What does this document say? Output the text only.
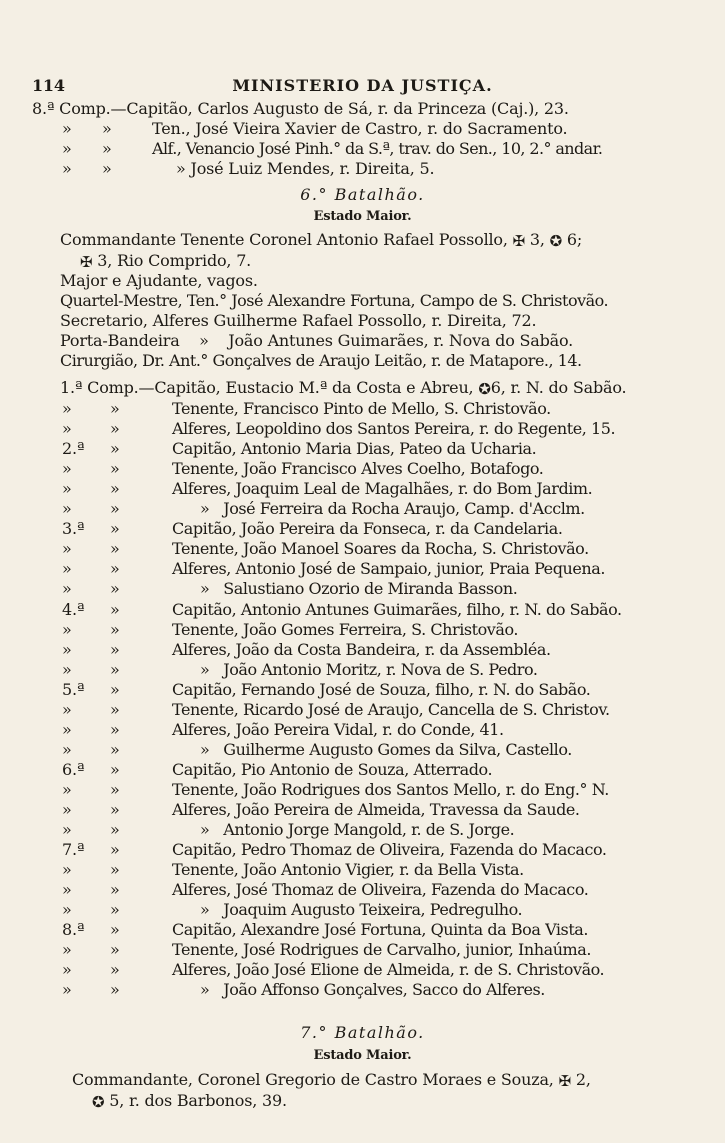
114	MINISTERIO DA JUSTIÇA.
8.ª Comp.—Capitão, Carlos Augusto de Sá, r. da Princeza (Caj.), 23.
» »	Ten., José Vieira Xavier de Castro, r. do Sacramento.
» »	Alf., Venancio José Pinh.° da S.ª, trav. do Sen., 10, 2.° andar.
» »	» José Luiz Mendes, r. Direita, 5.
6.° Batalhão.
Estado Maior.
Commandante Tenente Coronel Antonio Rafael Possollo, ✠ 3, ✪ 6;
✠ 3, Rio Comprido, 7.
Major e Ajudante, vagos.
Quartel-Mestre, Ten.° José Alexandre Fortuna, Campo de S. Christovão.
Secretario, Alferes Guilherme Rafael Possollo, r. Direita, 72.
Porta-Bandeira    »    João Antunes Guimarães, r. Nova do Sabão.
Cirurgião, Dr. Ant.° Gonçalves de Araujo Leitão, r. de Matapore., 14.
1.ª Comp.—Capitão, Eustacio M.ª da Costa e Abreu, ✪6, r. N. do Sabão.
» »	Tenente, Francisco Pinto de Mello, S. Christovão.
» »	Alferes, Leopoldino dos Santos Pereira, r. do Regente, 15.
2.ª »	Capitão, Antonio Maria Dias, Pateo da Ucharia.
» »	Tenente, João Francisco Alves Coelho, Botafogo.
» »	Alferes, Joaquim Leal de Magalhães, r. do Bom Jardim.
» »	»   José Ferreira da Rocha Araujo, Camp. d'Acclm.
3.ª »	Capitão, João Pereira da Fonseca, r. da Candelaria.
» »	Tenente, João Manoel Soares da Rocha, S. Christovão.
» »	Alferes, Antonio José de Sampaio, junior, Praia Pequena.
» »	»   Salustiano Ozorio de Miranda Basson.
4.ª »	Capitão, Antonio Antunes Guimarães, filho, r. N. do Sabão.
» »	Tenente, João Gomes Ferreira, S. Christovão.
» »	Alferes, João da Costa Bandeira, r. da Assembléa.
» »	»   João Antonio Moritz, r. Nova de S. Pedro.
5.ª »	Capitão, Fernando José de Souza, filho, r. N. do Sabão.
» »	Tenente, Ricardo José de Araujo, Cancella de S. Christov.
» »	Alferes, João Pereira Vidal, r. do Conde, 41.
» »	»   Guilherme Augusto Gomes da Silva, Castello.
6.ª »	Capitão, Pio Antonio de Souza, Atterrado.
» »	Tenente, João Rodrigues dos Santos Mello, r. do Eng.° N.
» »	Alferes, João Pereira de Almeida, Travessa da Saude.
» »	»   Antonio Jorge Mangold, r. de S. Jorge.
7.ª »	Capitão, Pedro Thomaz de Oliveira, Fazenda do Macaco.
» »	Tenente, João Antonio Vigier, r. da Bella Vista.
» »	Alferes, José Thomaz de Oliveira, Fazenda do Macaco.
» »	»   Joaquim Augusto Teixeira, Pedregulho.
8.ª »	Capitão, Alexandre José Fortuna, Quinta da Boa Vista.
» »	Tenente, José Rodrigues de Carvalho, junior, Inhaúma.
» »	Alferes, João José Elione de Almeida, r. de S. Christovão.
» »	»   João Affonso Gonçalves, Sacco do Alferes.
7.° Batalhão.
Estado Maior.
Commandante, Coronel Gregorio de Castro Moraes e Souza, ✠ 2,
✪ 5, r. dos Barbonos, 39.
